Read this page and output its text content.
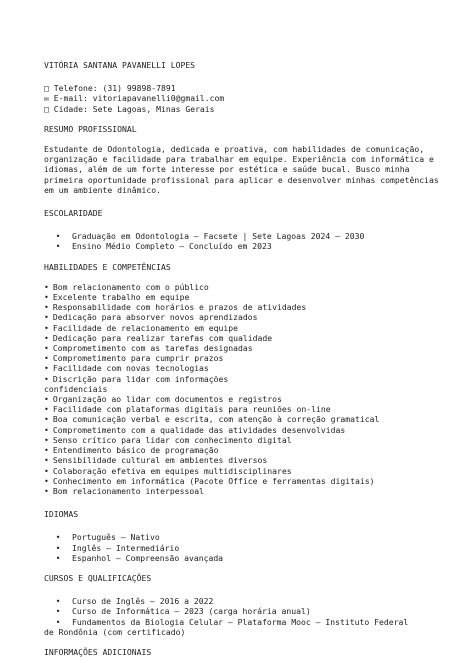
VITÓRIA SANTANA PAVANELLI LOPES
□ Telefone: (31) 99898-7891
✉ E-mail: vitoriapavanelli0@gmail.com
□ Cidade: Sete Lagoas, Minas Gerais
RESUMO PROFISSIONAL
Estudante de Odontologia, dedicada e proativa, com habilidades de comunicação,
organização e facilidade para trabalhar em equipe. Experiência com informática e
idiomas, além de um forte interesse por estética e saúde bucal. Busco minha
primeira oportunidade profissional para aplicar e desenvolver minhas competências
em um ambiente dinâmico.
ESCOLARIDADE
•	Graduação em Odontologia – Facsete | Sete Lagoas 2024 – 2030
•	Ensino Médio Completo – Concluído em 2023
HABILIDADES E COMPETÊNCIAS
• Bom relacionamento com o público
• Excelente trabalho em equipe
• Responsabilidade com horários e prazos de atividades
• Dedicação para absorver novos aprendizados
• Facilidade de relacionamento em equipe
• Dedicação para realizar tarefas com qualidade
• Comprometimento com as tarefas designadas
• Comprometimento para cumprir prazos
• Facilidade com novas tecnologias
• Discrição para lidar com informações
confidenciais
• Organização ao lidar com documentos e registros
• Facilidade com plataformas digitais para reuniões on-line
• Boa comunicação verbal e escrita, com atenção à correção gramatical
• Comprometimento com a qualidade das atividades desenvolvidas
• Senso crítico para lidar com conhecimento digital
• Entendimento básico de programação
• Sensibilidade cultural em ambientes diversos
• Colaboração efetiva em equipes multidisciplinares
• Conhecimento em informática (Pacote Office e ferramentas digitais)
• Bom relacionamento interpessoal
IDIOMAS
•	Português – Nativo
•	Inglês – Intermediário
•	Espanhol – Compreensão avançada
CURSOS E QUALIFICAÇÕES
•	Curso de Inglês – 2016 a 2022
•	Curso de Informática – 2023 (carga horária anual)
•	Fundamentos da Biologia Celular – Plataforma Mooc – Instituto Federal
de Rondônia (com certificado)
INFORMAÇÕES ADICIONAIS
